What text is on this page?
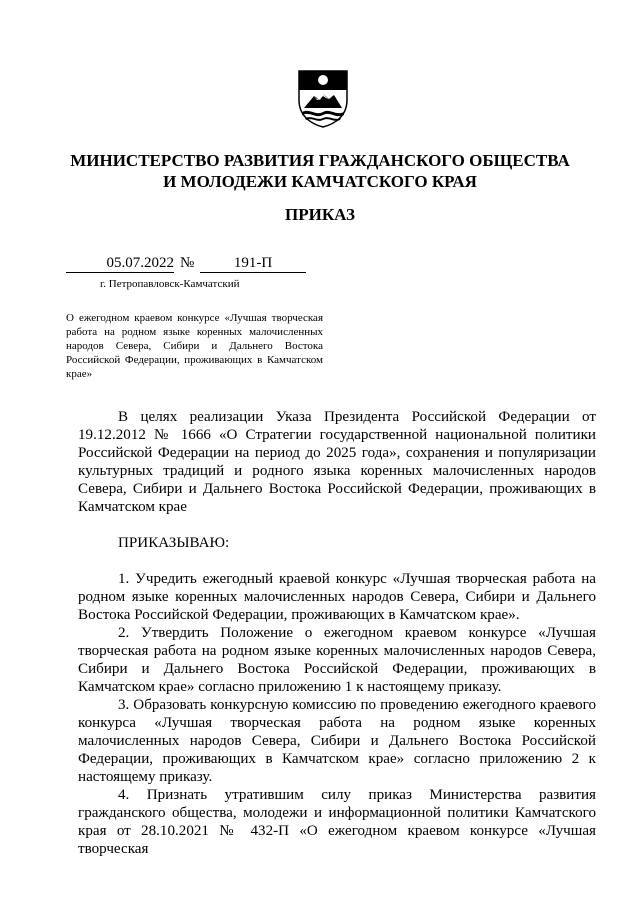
МИНИСТЕРСТВО РАЗВИТИЯ ГРАЖДАНСКОГО ОБЩЕСТВА
И МОЛОДЕЖИ КАМЧАТСКОГО КРАЯ
ПРИКАЗ
05.07.2022 №	191-П
г. Петропавловск-Камчатский
О ежегодном краевом конкурсе «Лучшая творческая работа на родном языке коренных малочисленных народов Севера, Сибири и Дальнего Востока Российской Федерации, проживающих в Камчатском крае»

В целях реализации Указа Президента Российской Федерации от 19.12.2012 № 1666 «О Стратегии государственной национальной политики Российской Федерации на период до 2025 года», сохранения и популяризации культурных традиций и родного языка коренных малочисленных народов Севера, Сибири и Дальнего Востока Российской Федерации, проживающих в Камчатском крае

ПРИКАЗЫВАЮ:

1. Учредить ежегодный краевой конкурс «Лучшая творческая работа на родном языке коренных малочисленных народов Севера, Сибири и Дальнего Востока Российской Федерации, проживающих в Камчатском крае».

2. Утвердить Положение о ежегодном краевом конкурсе «Лучшая творческая работа на родном языке коренных малочисленных народов Севера, Сибири и Дальнего Востока Российской Федерации, проживающих в Камчатском крае» согласно приложению 1 к настоящему приказу.

3. Образовать конкурсную комиссию по проведению ежегодного краевого конкурса «Лучшая творческая работа на родном языке коренных малочисленных народов Севера, Сибири и Дальнего Востока Российской Федерации, проживающих в Камчатском крае» согласно приложению 2 к настоящему приказу.

4. Признать утратившим силу приказ Министерства развития гражданского общества, молодежи и информационной политики Камчатского края от 28.10.2021 № 432-П «О ежегодном краевом конкурсе «Лучшая творческая
